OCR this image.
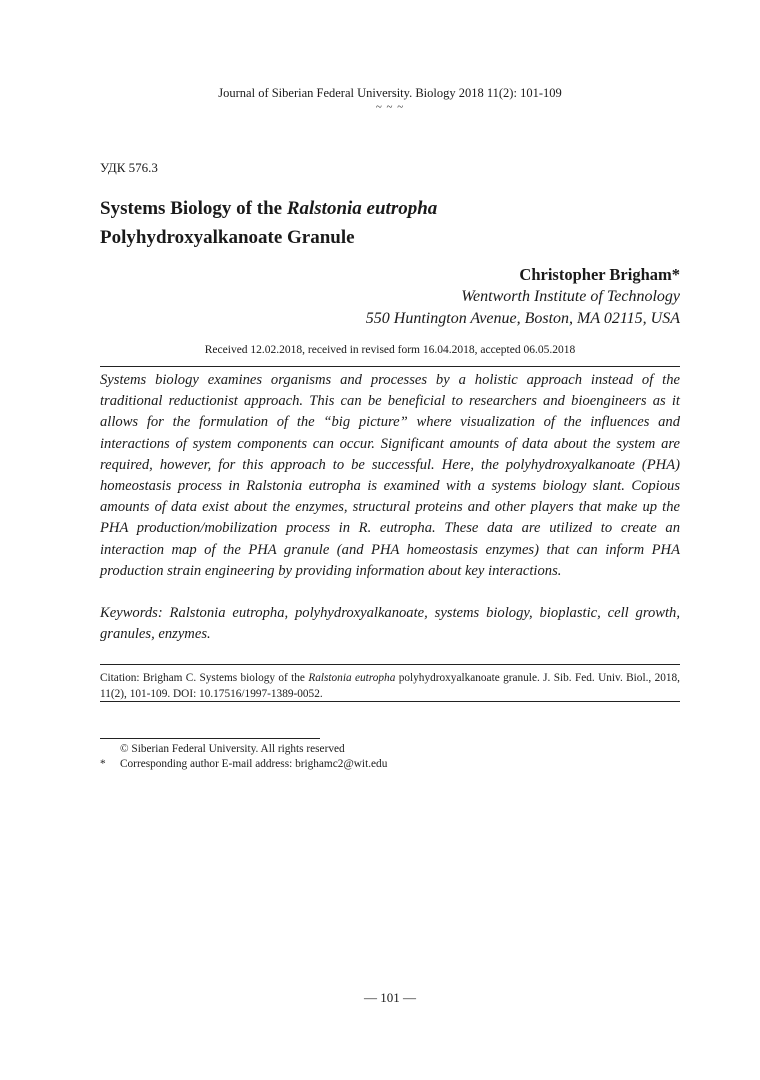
Journal of Siberian Federal University. Biology 2018 11(2): 101-109
~ ~ ~
УДК 576.3
Systems Biology of the Ralstonia eutropha
Polyhydroxyalkanoate Granule
Christopher Brigham*
Wentworth Institute of Technology
550 Huntington Avenue, Boston, MA 02115, USA
Received 12.02.2018, received in revised form 16.04.2018, accepted 06.05.2018

Systems biology examines organisms and processes by a holistic approach instead of the traditional reductionist approach. This can be beneficial to researchers and bioengineers as it allows for the formulation of the “big picture” where visualization of the influences and interactions of system components can occur. Significant amounts of data about the system are required, however, for this approach to be successful. Here, the polyhydroxyalkanoate (PHA) homeostasis process in Ralstonia eutropha is examined with a systems biology slant. Copious amounts of data exist about the enzymes, structural proteins and other players that make up the PHA production/mobilization process in R. eutropha. These data are utilized to create an interaction map of the PHA granule (and PHA homeostasis enzymes) that can inform PHA production strain engineering by providing information about key interactions.

Keywords: Ralstonia eutropha, polyhydroxyalkanoate, systems biology, bioplastic, cell growth, granules, enzymes.

Citation: Brigham C. Systems biology of the Ralstonia eutropha polyhydroxyalkanoate granule. J. Sib. Fed. Univ. Biol., 2018, 11(2), 101-109. DOI: 10.17516/1997-1389-0052.

© Siberian Federal University. All rights reserved
* Corresponding author E-mail address: brighamc2@wit.edu
— 101 —
